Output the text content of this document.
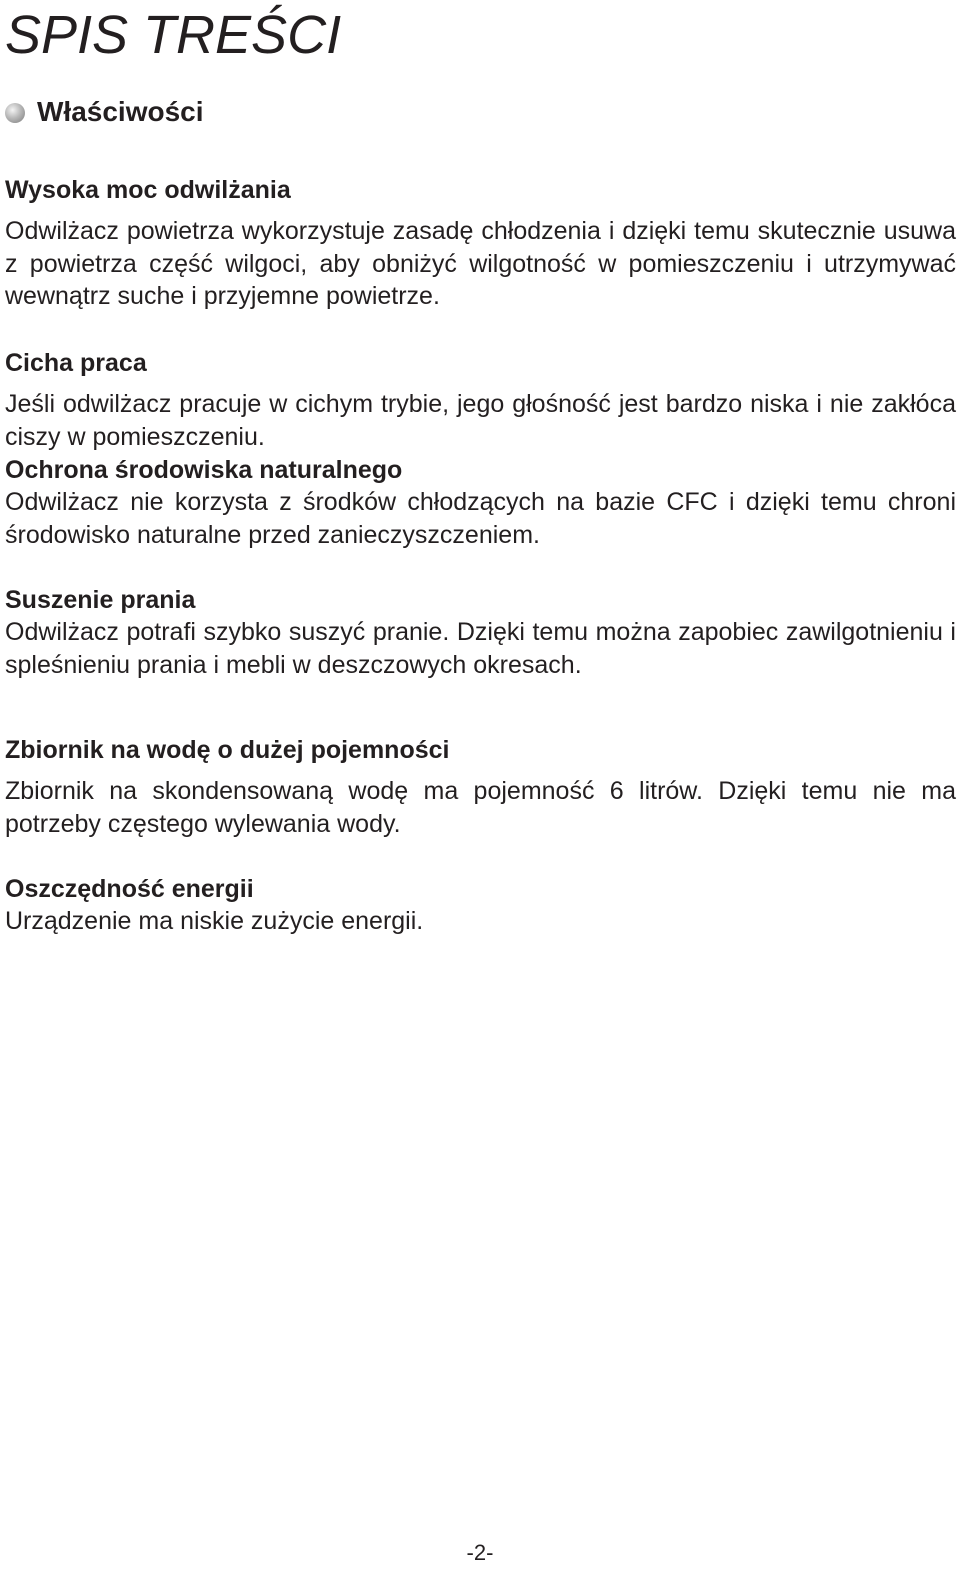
SPIS TREŚCI
Właściwości
Wysoka moc odwilżania

Odwilżacz powietrza wykorzystuje zasadę chłodzenia i dzięki temu skutecznie usuwa z powietrza część wilgoci, aby obniżyć wilgotność w pomieszczeniu i utrzymywać wewnątrz suche i przyjemne powietrze.

Cicha praca

Jeśli odwilżacz pracuje w cichym trybie, jego głośność jest bardzo niska i nie zakłóca ciszy w pomieszczeniu.

Ochrona środowiska naturalnego

Odwilżacz nie korzysta z środków chłodzących na bazie CFC i dzięki temu chroni środowisko naturalne przed zanieczyszczeniem.

Suszenie prania

Odwilżacz potrafi szybko suszyć pranie. Dzięki temu można zapobiec zawilgotnieniu i spleśnieniu prania i mebli w deszczowych okresach.

Zbiornik na wodę o dużej pojemności

Zbiornik na skondensowaną wodę ma pojemność 6 litrów. Dzięki temu nie ma potrzeby częstego wylewania wody.

Oszczędność energii

Urządzenie ma niskie zużycie energii.

-2-
